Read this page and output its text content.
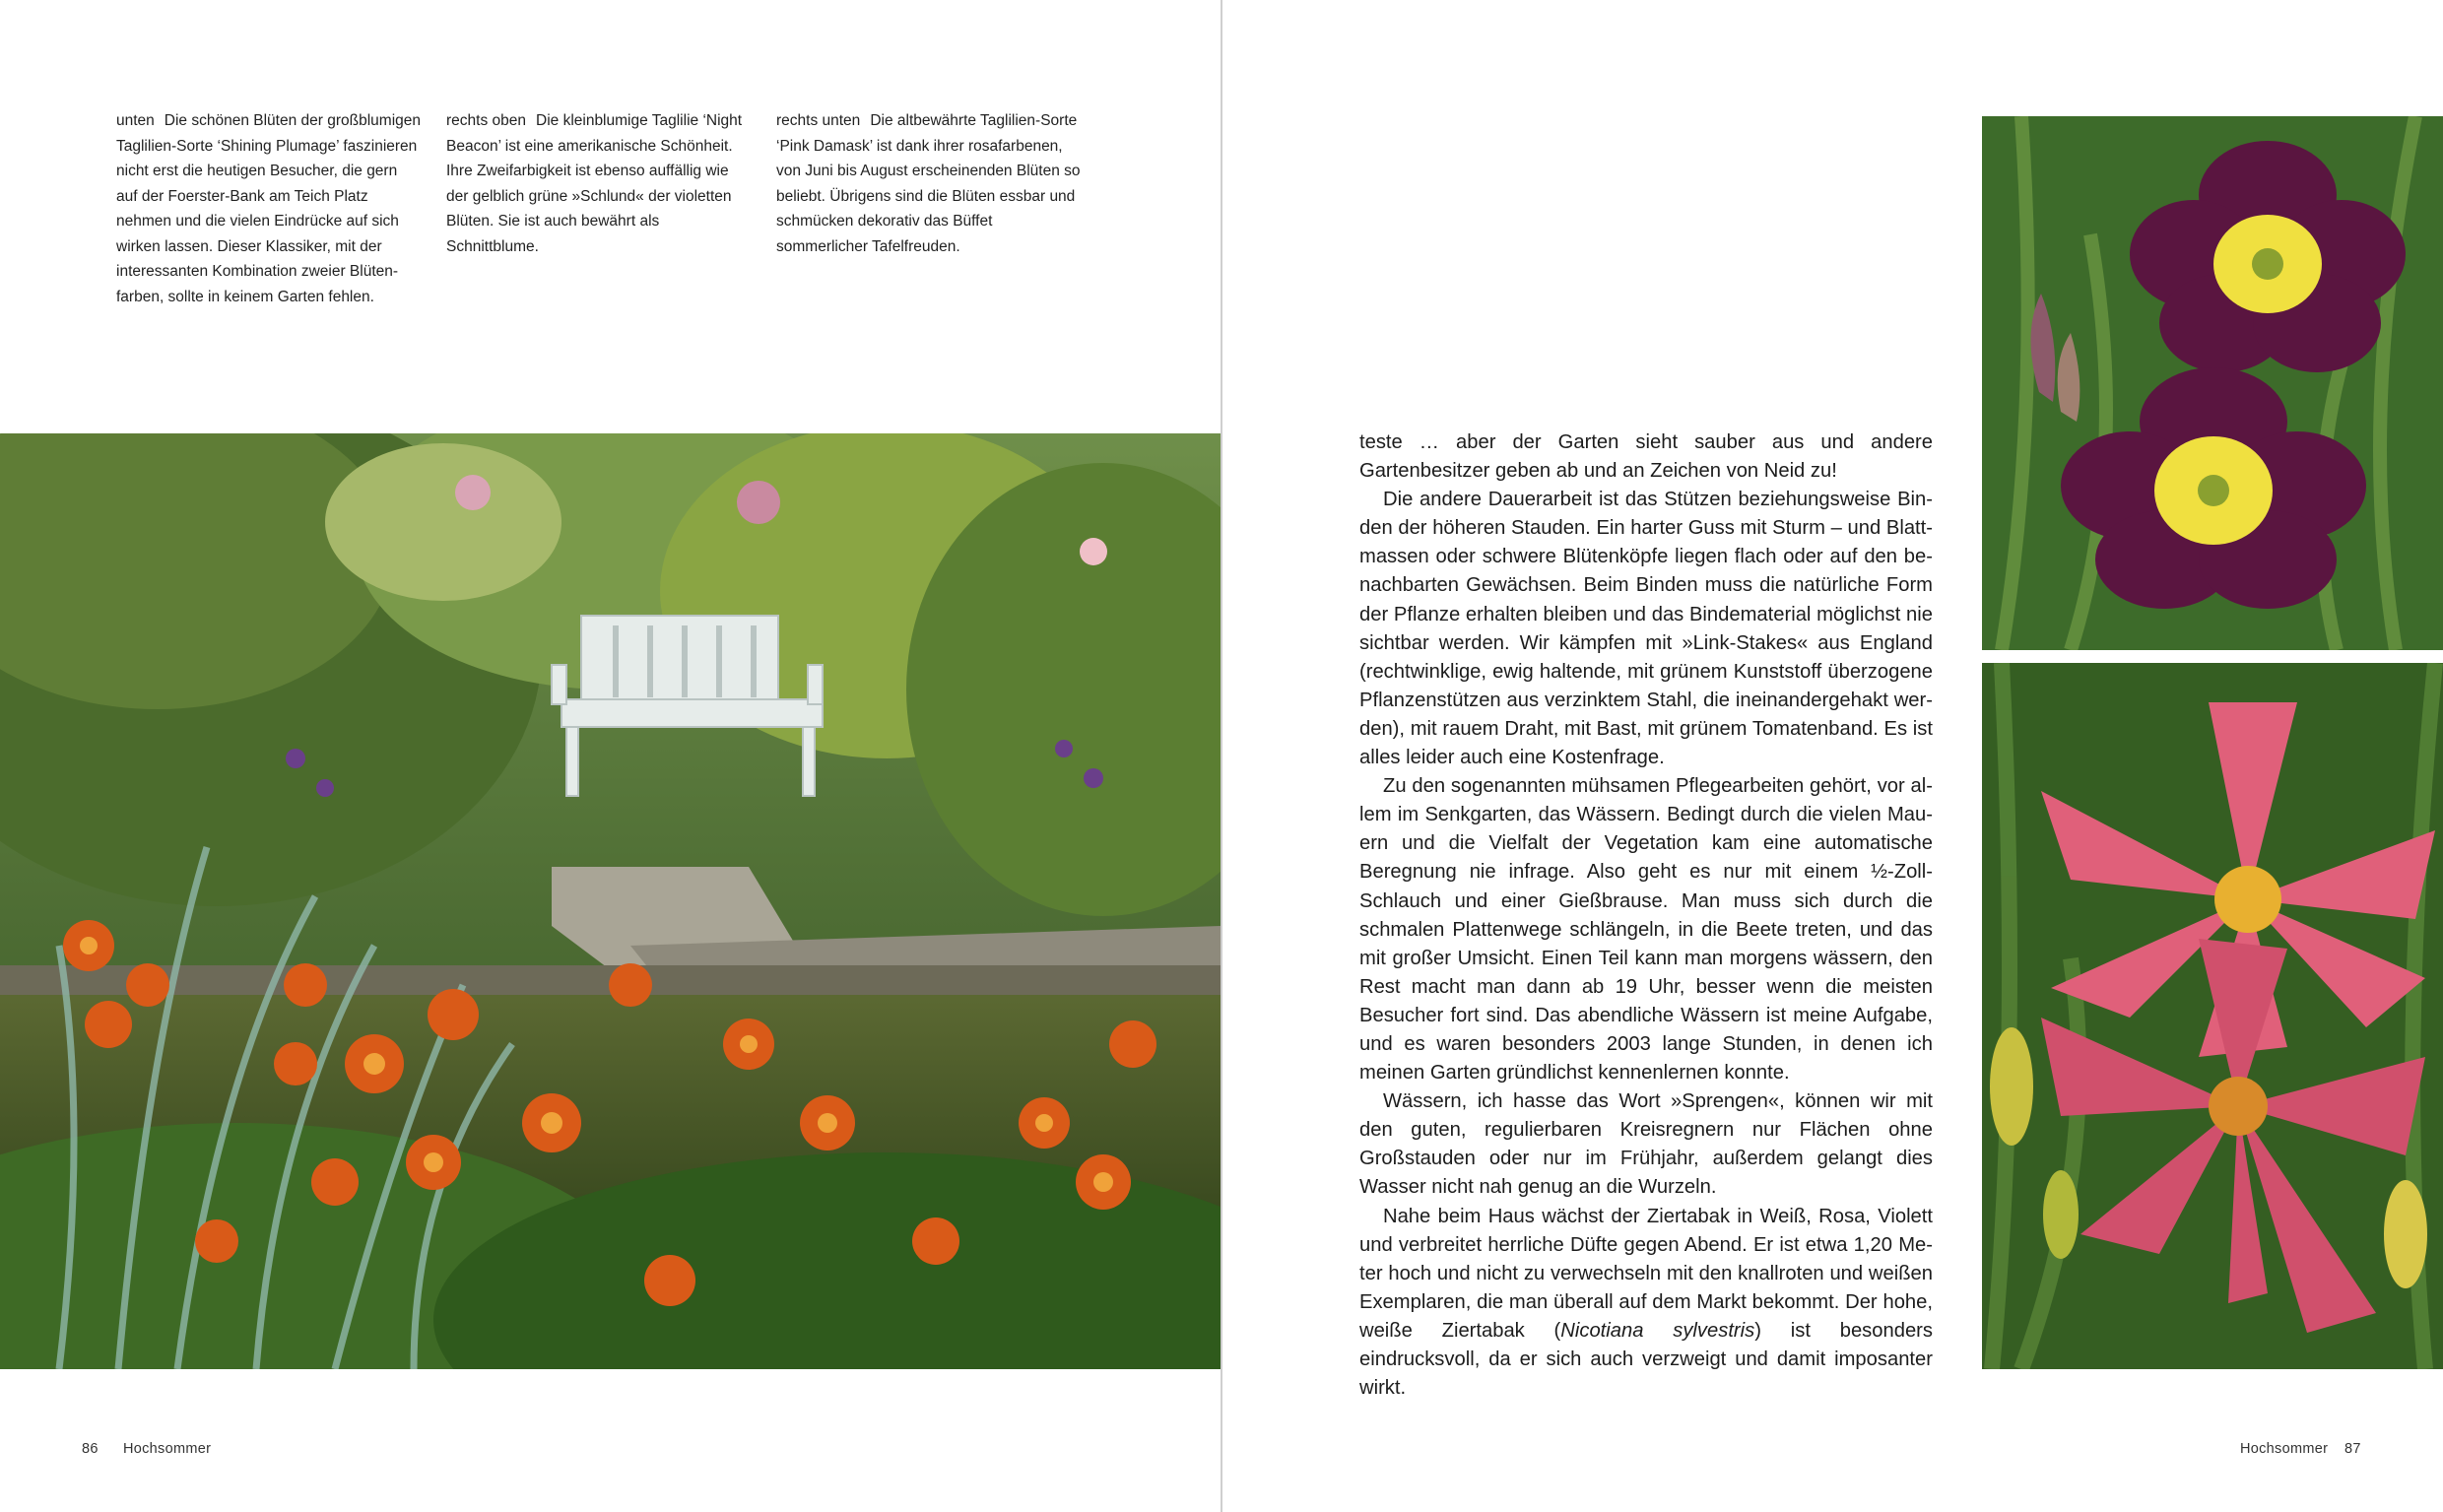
unten Die schönen Blüten der großblumigen Taglilien-Sorte ‘Shining Plumage’ faszinieren nicht erst die heutigen Besucher, die gern auf der Foerster-Bank am Teich Platz nehmen und die vielen Eindrücke auf sich wirken lassen. Dieser Klassiker, mit der interessanten Kombination zweier Blütenfarben, sollte in keinem Garten fehlen.

rechts oben Die kleinblumige Taglilie ‘Night Beacon’ ist eine amerikanische Schönheit. Ihre Zweifarbigkeit ist ebenso auffällig wie der gelblich grüne »Schlund« der violetten Blüten. Sie ist auch bewährt als Schnittblume.

rechts unten Die altbewährte Taglilien-Sorte ‘Pink Damask’ ist dank ihrer rosafarbenen, von Juni bis August erscheinenden Blüten so beliebt. Übrigens sind die Blüten essbar und schmücken dekorativ das Büffet sommerlicher Tafelfreuden.

teste … aber der Garten sieht sauber aus und andere Gartenbesitzer geben ab und an Zeichen von Neid zu!

Die andere Dauerarbeit ist das Stützen beziehungsweise Binden der höheren Stauden. Ein harter Guss mit Sturm – und Blattmassen oder schwere Blütenköpfe liegen flach oder auf den benachbarten Gewächsen. Beim Binden muss die natürliche Form der Pflanze erhalten bleiben und das Bindematerial möglichst nie sichtbar werden. Wir kämpfen mit »Link-Stakes« aus England (rechtwinklige, ewig haltende, mit grünem Kunststoff überzogene Pflanzenstützen aus verzinktem Stahl, die ineinandergehakt werden), mit rauem Draht, mit Bast, mit grünem Tomatenband. Es ist alles leider auch eine Kostenfrage.

Zu den sogenannten mühsamen Pflegearbeiten gehört, vor allem im Senkgarten, das Wässern. Bedingt durch die vielen Mauern und die Vielfalt der Vegetation kam eine automatische Beregnung nie infrage. Also geht es nur mit einem ½-Zoll-Schlauch und einer Gießbrause. Man muss sich durch die schmalen Plattenwege schlängeln, in die Beete treten, und das mit großer Umsicht. Einen Teil kann man morgens wässern, den Rest macht man dann ab 19 Uhr, besser wenn die meisten Besucher fort sind. Das abendliche Wässern ist meine Aufgabe, und es waren besonders 2003 lange Stunden, in denen ich meinen Garten gründlichst kennenlernen konnte.

Wässern, ich hasse das Wort »Sprengen«, können wir mit den guten, regulierbaren Kreisregnern nur Flächen ohne Großstauden oder nur im Frühjahr, außerdem gelangt dies Wasser nicht nah genug an die Wurzeln.

Nahe beim Haus wächst der Ziertabak in Weiß, Rosa, Violett und verbreitet herrliche Düfte gegen Abend. Er ist etwa 1,20 Meter hoch und nicht zu verwechseln mit den knallroten und weißen Exemplaren, die man überall auf dem Markt bekommt. Der hohe, weiße Ziertabak (Nicotiana sylvestris) ist besonders eindrucksvoll, da er sich auch verzweigt und damit imposanter wirkt.

86 Hochsommer	Hochsommer 87
